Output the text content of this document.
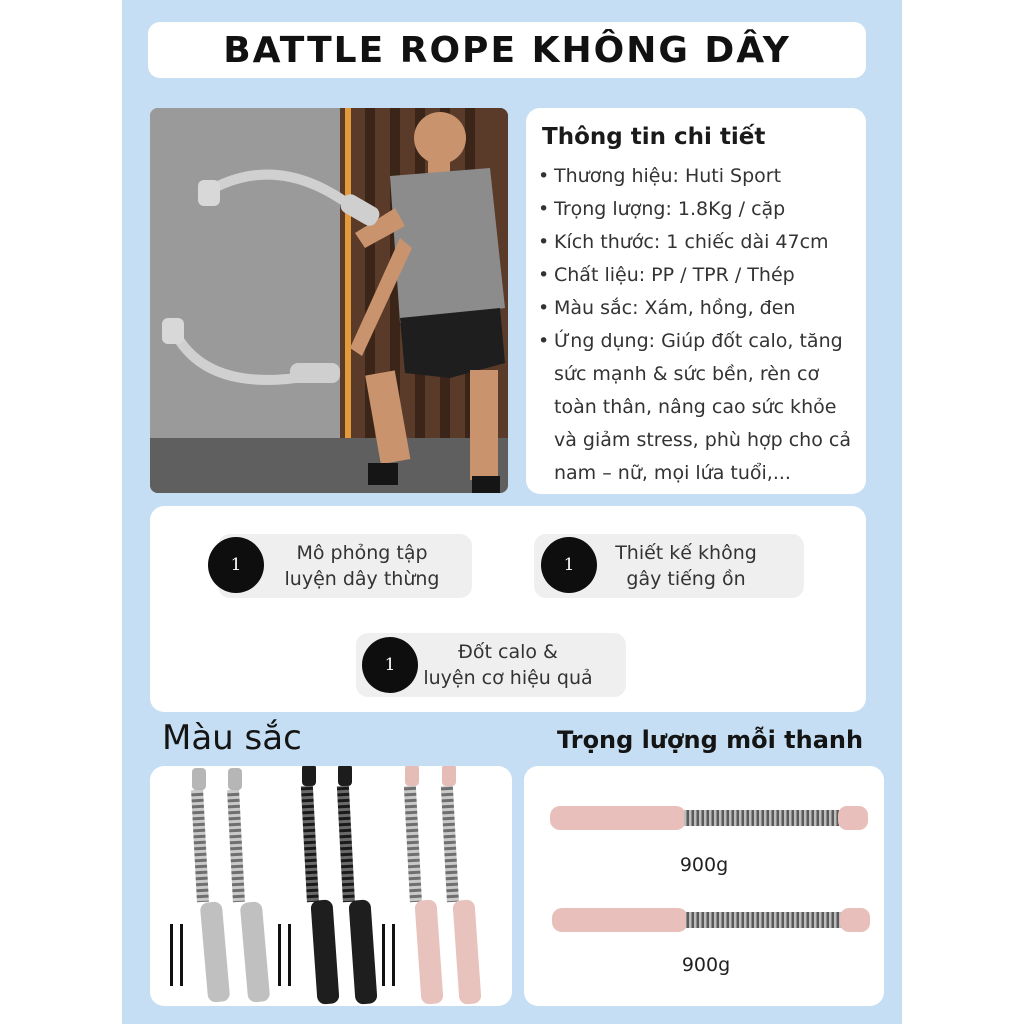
BATTLE ROPE KHÔNG DÂY
Thông tin chi tiết
• Thương hiệu: Huti Sport
• Trọng lượng: 1.8Kg / cặp
• Kích thước: 1 chiếc dài 47cm
• Chất liệu: PP / TPR / Thép
• Màu sắc: Xám, hồng, đen
• Ứng dụng: Giúp đốt calo, tăng sức mạnh & sức bền, rèn cơ toàn thân, nâng cao sức khỏe và giảm stress, phù hợp cho cả nam – nữ, mọi lứa tuổi,...
Mô phỏng tập
luyện dây thừng
1
Thiết kế không
gây tiếng ồn
1
Đốt calo &
luyện cơ hiệu quả
1
Màu sắc	Trọng lượng mỗi thanh
900g
900g
